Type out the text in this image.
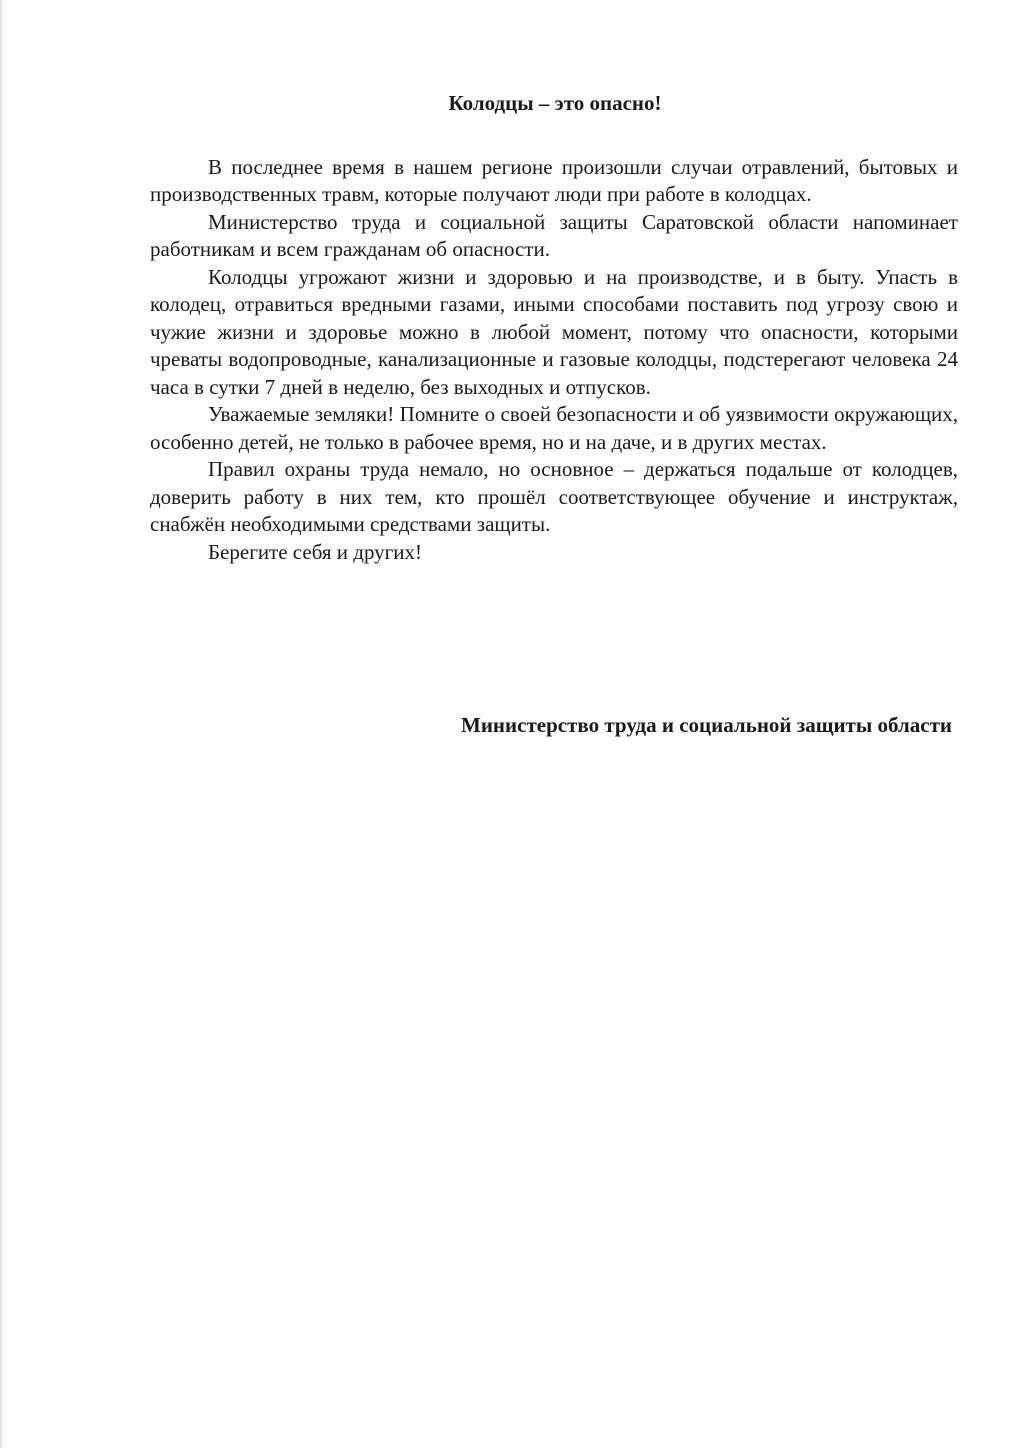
Колодцы – это опасно!

В последнее время в нашем регионе произошли случаи отравлений, бытовых и производственных травм, которые получают люди при работе в колодцах.

Министерство труда и социальной защиты Саратовской области напоминает работникам и всем гражданам об опасности.

Колодцы угрожают жизни и здоровью и на производстве, и в быту. Упасть в колодец, отравиться вредными газами, иными способами поставить под угрозу свою и чужие жизни и здоровье можно в любой момент, потому что опасности, которыми чреваты водопроводные, канализационные и газовые колодцы, подстерегают человека 24 часа в сутки 7 дней в неделю, без выходных и отпусков.

Уважаемые земляки! Помните о своей безопасности и об уязвимости окружающих, особенно детей, не только в рабочее время, но и на даче, и в других местах.

Правил охраны труда немало, но основное – держаться подальше от колодцев, доверить работу в них тем, кто прошёл соответствующее обучение и инструктаж, снабжён необходимыми средствами защиты.

Берегите себя и других!

Министерство труда и социальной защиты области
